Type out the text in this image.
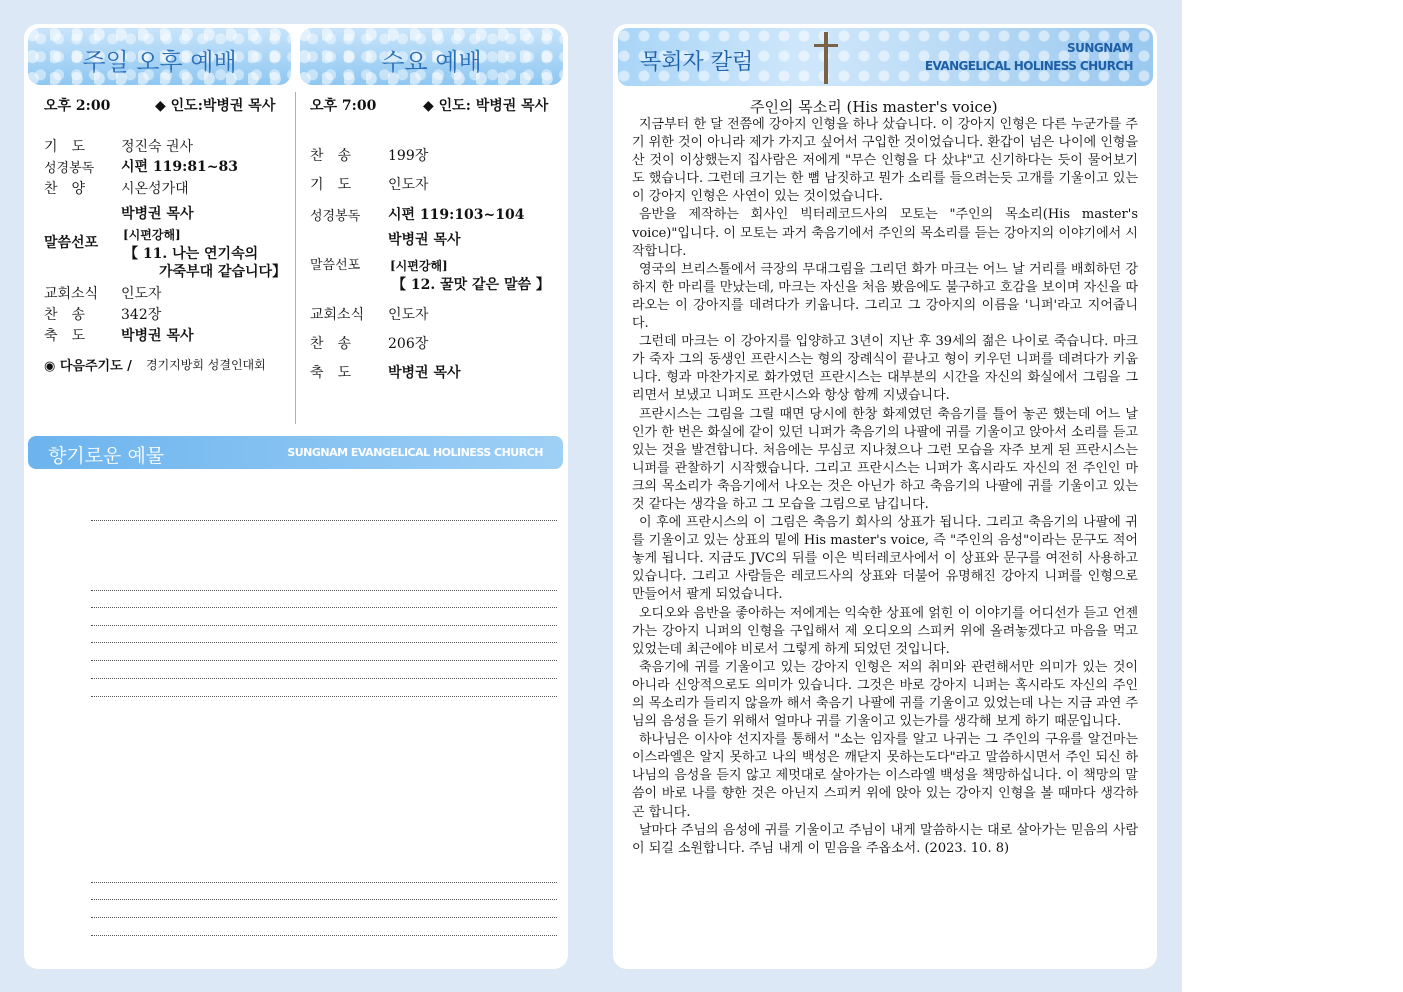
주일 오후 예배	수요 예배
오후 2:00	◆ 인도:박병권 목사
기　도	정진숙 권사
성경봉독 시편 119:81~83
찬　양	시온성가대
박병권 목사
말씀선포 [시편강해]
【 11. 나는 연기속의
가죽부대 같습니다】
교회소식 인도자
찬　송	342장
축　도	박병권 목사
◉ 다음주기도 / 경기지방회 성결인대회
오후 7:00	◆ 인도: 박병권 목사
찬　송	199장
기　도	인도자
성경봉독 시편 119:103~104
박병권 목사
말씀선포 [시편강해]
【 12. 꿀맛 같은 말씀 】
교회소식 인도자
찬　송	206장
축　도	박병권 목사
향기로운 예물	SUNGNAM EVANGELICAL HOLINESS CHURCH
목회자 칼럼
SUNGNAM
EVANGELICAL HOLINESS CHURCH
주인의 목소리 (His master's voice)

지금부터 한 달 전쯤에 강아지 인형을 하나 샀습니다. 이 강아지 인형은 다른 누군가를 주기 위한 것이 아니라 제가 가지고 싶어서 구입한 것이었습니다. 환갑이 넘은 나이에 인형을 산 것이 이상했는지 집사람은 저에게 "무슨 인형을 다 샀냐"고 신기하다는 듯이 물어보기도 했습니다. 그런데 크기는 한 뼘 남짓하고 뭔가 소리를 들으려는듯 고개를 기울이고 있는 이 강아지 인형은 사연이 있는 것이었습니다.

음반을 제작하는 회사인 빅터레코드사의 모토는 "주인의 목소리(His master's voice)"입니다. 이 모토는 과거 축음기에서 주인의 목소리를 듣는 강아지의 이야기에서 시작합니다.

영국의 브리스톨에서 극장의 무대그림을 그리던 화가 마크는 어느 날 거리를 배회하던 강하지 한 마리를 만났는데, 마크는 자신을 처음 봤음에도 불구하고 호감을 보이며 자신을 따라오는 이 강아지를 데려다가 키웁니다. 그리고 그 강아지의 이름을 '니퍼'라고 지어줍니다.

그런데 마크는 이 강아지를 입양하고 3년이 지난 후 39세의 젊은 나이로 죽습니다. 마크가 죽자 그의 동생인 프란시스는 형의 장례식이 끝나고 형이 키우던 니퍼를 데려다가 키웁니다. 형과 마찬가지로 화가였던 프란시스는 대부분의 시간을 자신의 화실에서 그림을 그리면서 보냈고 니퍼도 프란시스와 항상 함께 지냈습니다.

프란시스는 그림을 그릴 때면 당시에 한창 화제였던 축음기를 틀어 놓곤 했는데 어느 날인가 한 번은 화실에 같이 있던 니퍼가 축음기의 나팔에 귀를 기울이고 앉아서 소리를 듣고 있는 것을 발견합니다. 처음에는 무심코 지나쳤으나 그런 모습을 자주 보게 된 프란시스는 니퍼를 관찰하기 시작했습니다. 그리고 프란시스는 니퍼가 혹시라도 자신의 전 주인인 마크의 목소리가 축음기에서 나오는 것은 아닌가 하고 축음기의 나팔에 귀를 기울이고 있는 것 같다는 생각을 하고 그 모습을 그림으로 남깁니다.

이 후에 프란시스의 이 그림은 축음기 회사의 상표가 됩니다. 그리고 축음기의 나팔에 귀를 기울이고 있는 상표의 밑에 His master's voice, 즉 "주인의 음성"이라는 문구도 적어 놓게 됩니다. 지금도 JVC의 뒤를 이은 빅터레코사에서 이 상표와 문구를 여전히 사용하고 있습니다. 그리고 사람들은 레코드사의 상표와 더불어 유명해진 강아지 니퍼를 인형으로 만들어서 팔게 되었습니다.

오디오와 음반을 좋아하는 저에게는 익숙한 상표에 얽힌 이 이야기를 어디선가 듣고 언젠가는 강아지 니퍼의 인형을 구입해서 제 오디오의 스피커 위에 올려놓겠다고 마음을 먹고 있었는데 최근에야 비로서 그렇게 하게 되었던 것입니다.

축음기에 귀를 기울이고 있는 강아지 인형은 저의 취미와 관련해서만 의미가 있는 것이 아니라 신앙적으로도 의미가 있습니다. 그것은 바로 강아지 니퍼는 혹시라도 자신의 주인의 목소리가 들리지 않을까 해서 축음기 나팔에 귀를 기울이고 있었는데 나는 지금 과연 주님의 음성을 듣기 위해서 얼마나 귀를 기울이고 있는가를 생각해 보게 하기 때문입니다.

하나님은 이사야 선지자를 통해서 "소는 임자를 알고 나귀는 그 주인의 구유를 알건마는 이스라엘은 알지 못하고 나의 백성은 깨닫지 못하는도다"라고 말씀하시면서 주인 되신 하나님의 음성을 듣지 않고 제멋대로 살아가는 이스라엘 백성을 책망하십니다. 이 책망의 말씀이 바로 나를 향한 것은 아닌지 스피커 위에 앉아 있는 강아지 인형을 볼 때마다 생각하곤 합니다.

날마다 주님의 음성에 귀를 기울이고 주님이 내게 말씀하시는 대로 살아가는 믿음의 사람이 되길 소원합니다. 주님 내게 이 믿음을 주옵소서. (2023. 10. 8)
